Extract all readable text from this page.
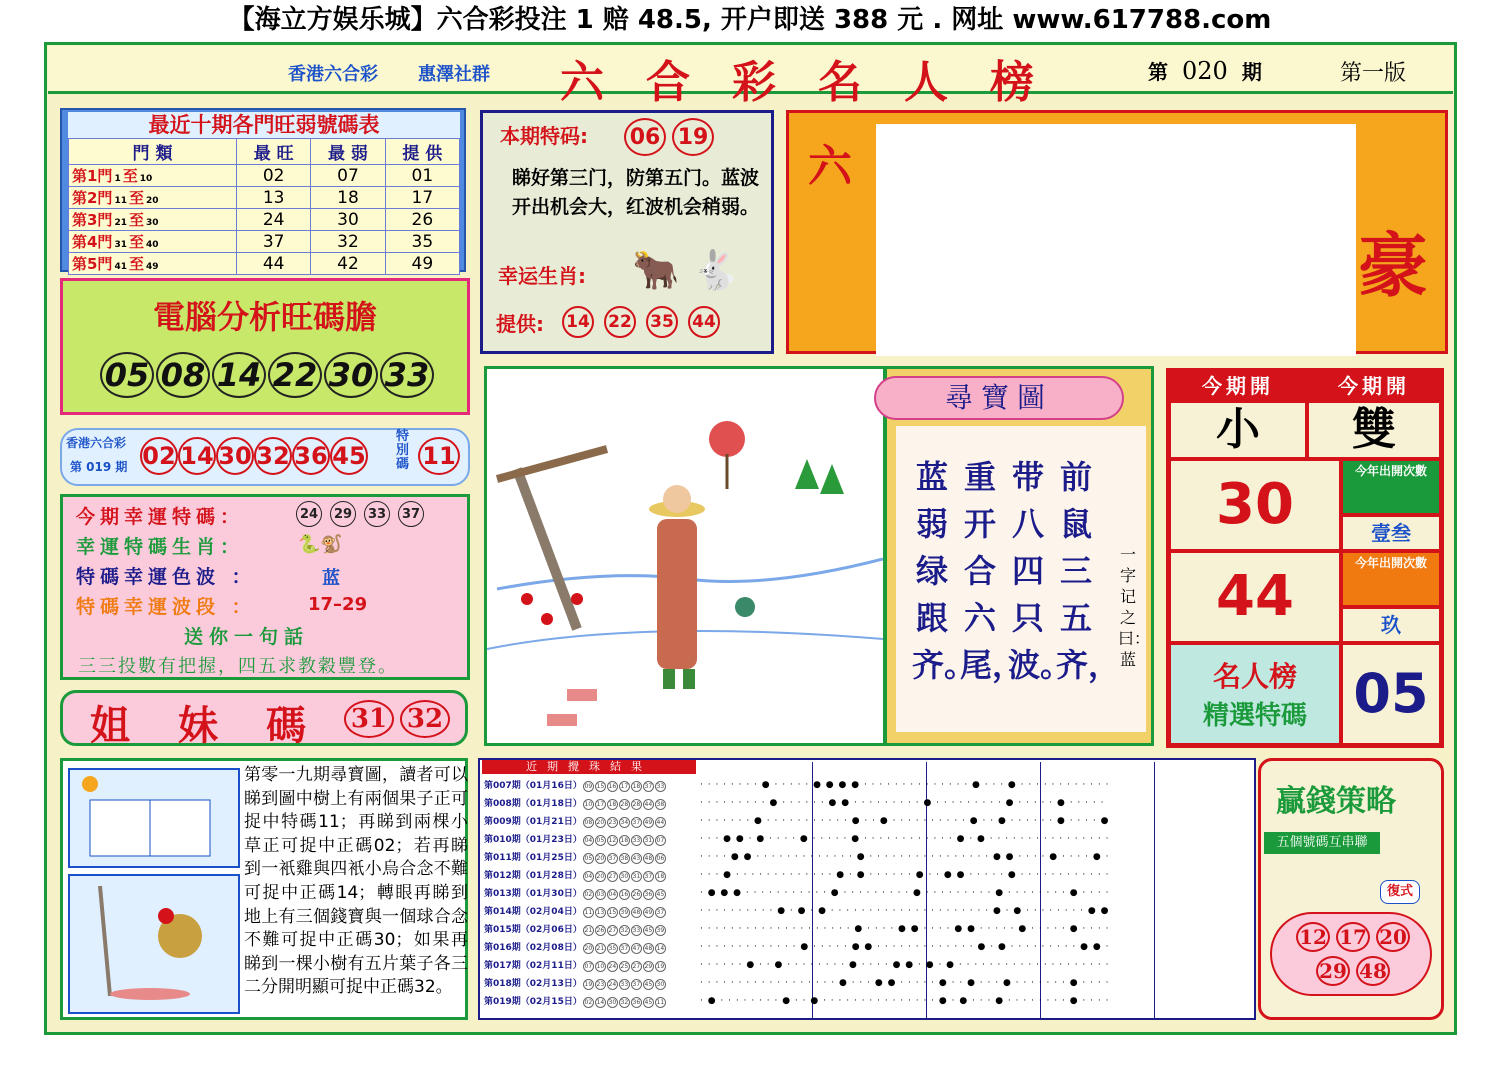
【海立方娱乐城】六合彩投注 1 赔 48.5, 开户即送 388 元 . 网址 www.617788.com
香港六合彩 惠澤社群 六合彩名人榜	第 020 期	第一版
最近十期各門旺弱號碼表
門 類	最 旺	最 弱	提 供
第1門 1 至 10	02	07	01
第2門 11 至 20	13	18	17
第3門 21 至 30	24	30	26
第4門 31 至 40	37	32	35
第5門 41 至 49	44	42	49
電腦分析旺碼膽
05 08 14 22 30 33
香港六合彩
第 019 期 02 14 30 32 36 45
特別碼 11
今期幸運特碼：	24	29	33	37
幸運特碼生肖：	🐍🐒
特碼幸運色波 ：	蓝
特碼幸運波段 ：	17–29
送你一句話
三三投數有把握，四五求教穀豐登。
姐妹碼
31 32
本期特码: 06 19
睇好第三门，防第五门。蓝波开出机会大，红波机会稍弱。
幸运生肖: 🐂 🐇
提供: 14 22 35 44
六
豪
前鼠三五齐，
带八四只波。
重开合六尾，
蓝弱绿跟齐。
一字记之曰：蓝
尋寶圖	今期開	今期開
小	雙
30
今年出開次數
壹叁
44
今年出開次數
玖
名人榜
精選特碼 05
第零一九期尋寶圖，讀者可以睇到圖中樹上有兩個果子正可捉中特碼11；再睇到兩棵小草正可捉中正碼02；若再睇到一衹雞與四衹小烏合念不難可捉中正碼14；轉眼再睇到地上有三個錢寶與一個球合念不難可捉中正碼30；如果再睇到一棵小樹有五片葉子各三二分開明顯可捉中正碼32。
近期攪珠結果
第007期（01月16日） 09 15 16 17 18 37 33	· · · · · · · · ● · · · · · ● ● ● ● · · · · · · · · · · · · · · ● · · · ● · · · · · · · · · · · ·
第008期（01月18日） 10 17 18 28 28 44 38	· · · · · · · · · ● · · · · · · ● ● · · · · · · · · · ● · · · · · · · · · ● · · · · · ● · · · · ·
第009期（01月21日） 08 20 23 34 37 49 44	· · · · · · · ● · · · · · · · · · · · ● · · ● · · · · · · · · · · ● · · ● · · · · · · ● · · · · ●
第010期（01月23日） 04 05 12 18 33 31 07	· · · ● ● · ● · · · · ● · · · · · ● · · · · · · · · · · · · ● · ● · · · · · · · · · · · · · · · ·
第011期（01月25日） 05 20 37 38 43 48 06	· · · · ● ● · · · · · · · · · · · · · ● · · · · · · · · · · · · · · · · ● ● · · · · ● · · · · ● ·
第012期（01月28日） 04 20 27 30 31 37 18	· · · ● · · · · · · · · · · · · · ● · ● · · · · · · ● · · ● ● · · · · · ● · · · · · · · · · · · ·
第013期（01月30日） 02 03 04 16 26 36 45	· ● ● ● · · · · · · · · · · · ● · · · · · · · · · ● · · · · · · · · · ● · · · · · · · · ● · · · ·
第014期（02月04日） 11 13 15 39 48 49 37	· · · · · · · · · · ● · ● · ● · · · · · · · · · · · · · · · · · · · · · ● · ● · · · · · · · · ● ●
第015期（02月06日） 21 26 27 32 33 45 39	· · · · · · · · · · · · · · · · · · · · ● · · · · ● ● · · · · ● ● · · · · · ● · · · · · ● · · · ·
第016期（02月08日） 20 21 35 37 47 48 14	· · · · · · · · · · · · · ● · · · · · ● ● · · · · · · · · · · · · · ● · ● · · · · · · · · · ● ● ·
第017期（02月11日） 07 10 24 25 27 29 19	· · · · · · ● · · ● · · · · · · · · ● · · · · ● ● · ● · ● · · · · · · · · · · · · · · · · · · · ·
第018期（02月13日） 19 23 24 33 37 45 30	· · · · · · · · · · · · · · · · · · ● · · · ● ● · · · · · ● · · ● · · · ● · · · · · · · ● · · · ·
第019期（02月15日） 02 14 30 32 36 45 11	· ● · · · · · · · · ● · · ● · · · · · · · · · · · · · · · ● · ● · · · ● · · · · · · · · ● · · · ·
贏錢策略
五個號碼互串聯
復式
12 17 20
29 48
